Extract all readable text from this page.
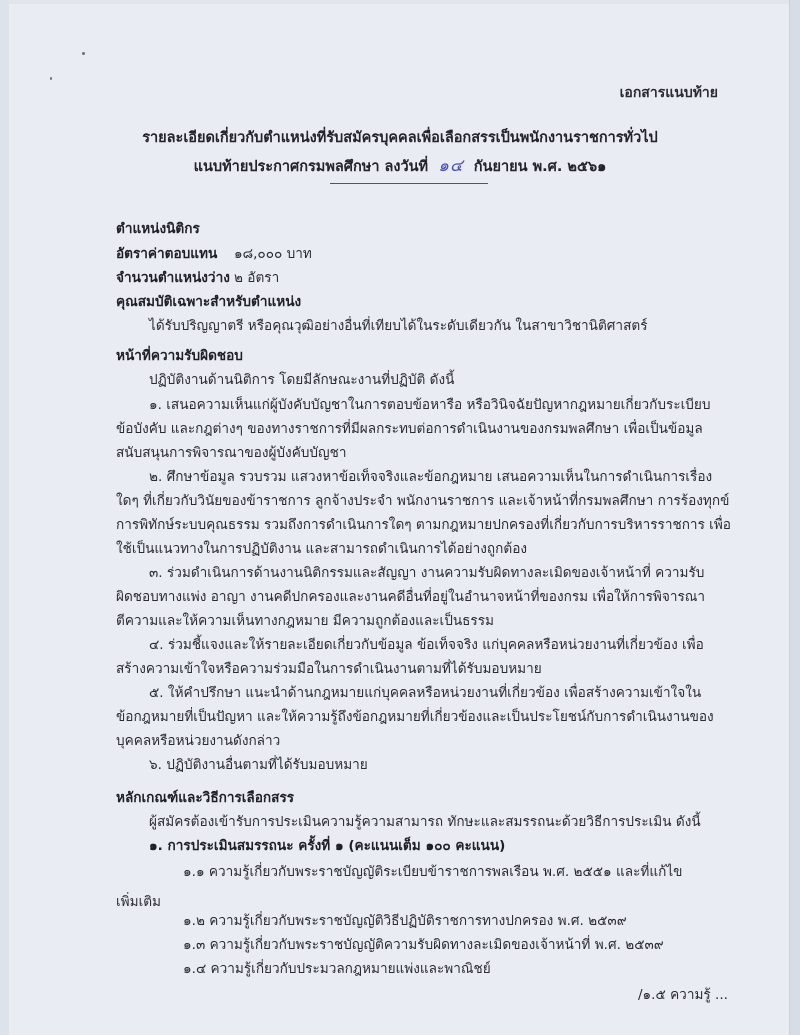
เอกสารแนบท้าย
รายละเอียดเกี่ยวกับตำแหน่งที่รับสมัครบุคคลเพื่อเลือกสรรเป็นพนักงานราชการทั่วไป
แนบท้ายประกาศกรมพลศึกษา ลงวันที่ ๑๔ กันยายน พ.ศ. ๒๕๖๑
ตำแหน่งนิติกร
อัตราค่าตอบแทน ๑๘,๐๐๐ บาท
จำนวนตำแหน่งว่าง ๒ อัตรา
คุณสมบัติเฉพาะสำหรับตำแหน่ง
ได้รับปริญญาตรี หรือคุณวุฒิอย่างอื่นที่เทียบได้ในระดับเดียวกัน ในสาขาวิชานิติศาสตร์
หน้าที่ความรับผิดชอบ
ปฏิบัติงานด้านนิติการ โดยมีลักษณะงานที่ปฏิบัติ ดังนี้
๑. เสนอความเห็นแก่ผู้บังคับบัญชาในการตอบข้อหารือ หรือวินิจฉัยปัญหากฎหมายเกี่ยวกับระเบียบ
ข้อบังคับ และกฎต่างๆ ของทางราชการที่มีผลกระทบต่อการดำเนินงานของกรมพลศึกษา เพื่อเป็นข้อมูล
สนับสนุนการพิจารณาของผู้บังคับบัญชา
๒. ศึกษาข้อมูล รวบรวม แสวงหาข้อเท็จจริงและข้อกฎหมาย เสนอความเห็นในการดำเนินการเรื่อง
ใดๆ ที่เกี่ยวกับวินัยของข้าราชการ ลูกจ้างประจำ พนักงานราชการ และเจ้าหน้าที่กรมพลศึกษา การร้องทุกข์
การพิทักษ์ระบบคุณธรรม รวมถึงการดำเนินการใดๆ ตามกฎหมายปกครองที่เกี่ยวกับการบริหารราชการ เพื่อ
ใช้เป็นแนวทางในการปฏิบัติงาน และสามารถดำเนินการได้อย่างถูกต้อง
๓. ร่วมดำเนินการด้านงานนิติกรรมและสัญญา งานความรับผิดทางละเมิดของเจ้าหน้าที่ ความรับ
ผิดชอบทางแพ่ง อาญา งานคดีปกครองและงานคดีอื่นที่อยู่ในอำนาจหน้าที่ของกรม เพื่อให้การพิจารณา
ตีความและให้ความเห็นทางกฎหมาย มีความถูกต้องและเป็นธรรม
๔. ร่วมชี้แจงและให้รายละเอียดเกี่ยวกับข้อมูล ข้อเท็จจริง แก่บุคคลหรือหน่วยงานที่เกี่ยวข้อง เพื่อ
สร้างความเข้าใจหรือความร่วมมือในการดำเนินงานตามที่ได้รับมอบหมาย
๕. ให้คำปรึกษา แนะนำด้านกฎหมายแก่บุคคลหรือหน่วยงานที่เกี่ยวข้อง เพื่อสร้างความเข้าใจใน
ข้อกฎหมายที่เป็นปัญหา และให้ความรู้ถึงข้อกฎหมายที่เกี่ยวข้องและเป็นประโยชน์กับการดำเนินงานของ
บุคคลหรือหน่วยงานดังกล่าว
๖. ปฏิบัติงานอื่นตามที่ได้รับมอบหมาย
หลักเกณฑ์และวิธีการเลือกสรร
ผู้สมัครต้องเข้ารับการประเมินความรู้ความสามารถ ทักษะและสมรรถนะด้วยวิธีการประเมิน ดังนี้
๑. การประเมินสมรรถนะ ครั้งที่ ๑ (คะแนนเต็ม ๑๐๐ คะแนน)
๑.๑ ความรู้เกี่ยวกับพระราชบัญญัติระเบียบข้าราชการพลเรือน พ.ศ. ๒๕๕๑ และที่แก้ไข
เพิ่มเติม
๑.๒ ความรู้เกี่ยวกับพระราชบัญญัติวิธีปฏิบัติราชการทางปกครอง พ.ศ. ๒๕๓๙
๑.๓ ความรู้เกี่ยวกับพระราชบัญญัติความรับผิดทางละเมิดของเจ้าหน้าที่ พ.ศ. ๒๕๓๙
๑.๔ ความรู้เกี่ยวกับประมวลกฎหมายแพ่งและพาณิชย์
/๑.๕ ความรู้ ...
